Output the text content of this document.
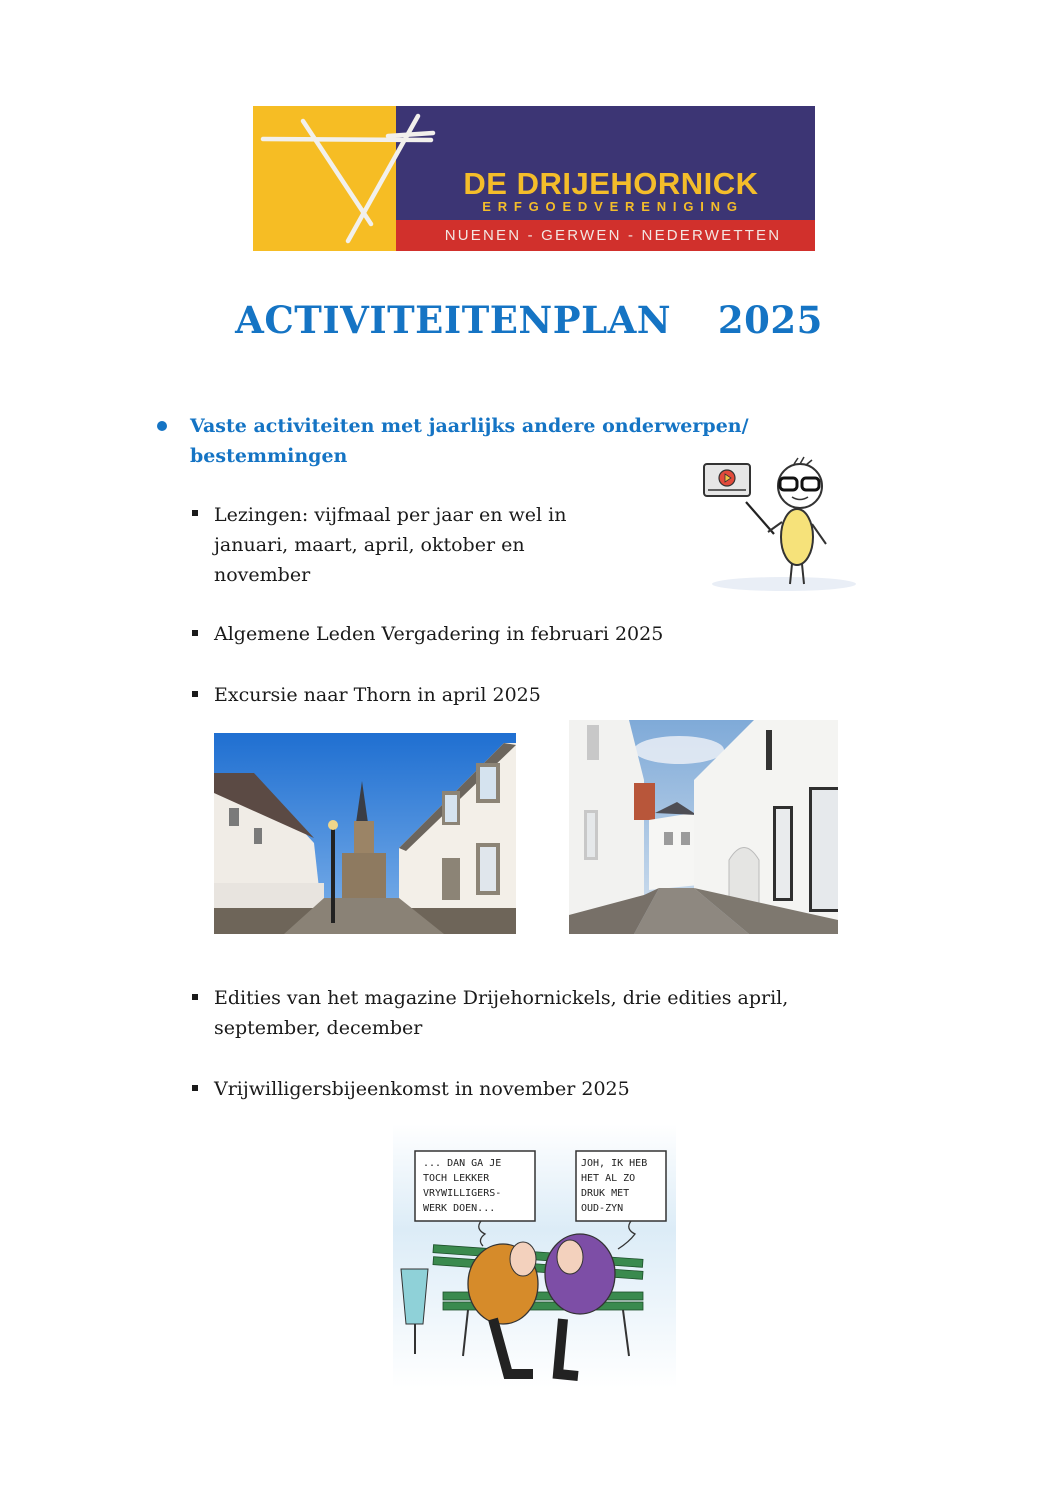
DE DRIJEHORNICK
ERFGOEDVERENIGING
NUENEN - GERWEN - NEDERWETTEN
ACTIVITEITENPLAN  2025
Vaste activiteiten met jaarlijks andere onderwerpen/
bestemmingen
Lezingen: vijfmaal per jaar en wel in
januari, maart, april, oktober en
november
Algemene Leden Vergadering in februari 2025
Excursie naar Thorn in april 2025
Edities van het magazine Drijehornickels, drie edities april,
september, december
Vrijwilligersbijeenkomst in november 2025
... DAN GA JE
TOCH LEKKER
VRYWILLIGERS-
WERK DOEN...
JOH, IK HEB
HET AL ZO
DRUK MET
OUD-ZYN
